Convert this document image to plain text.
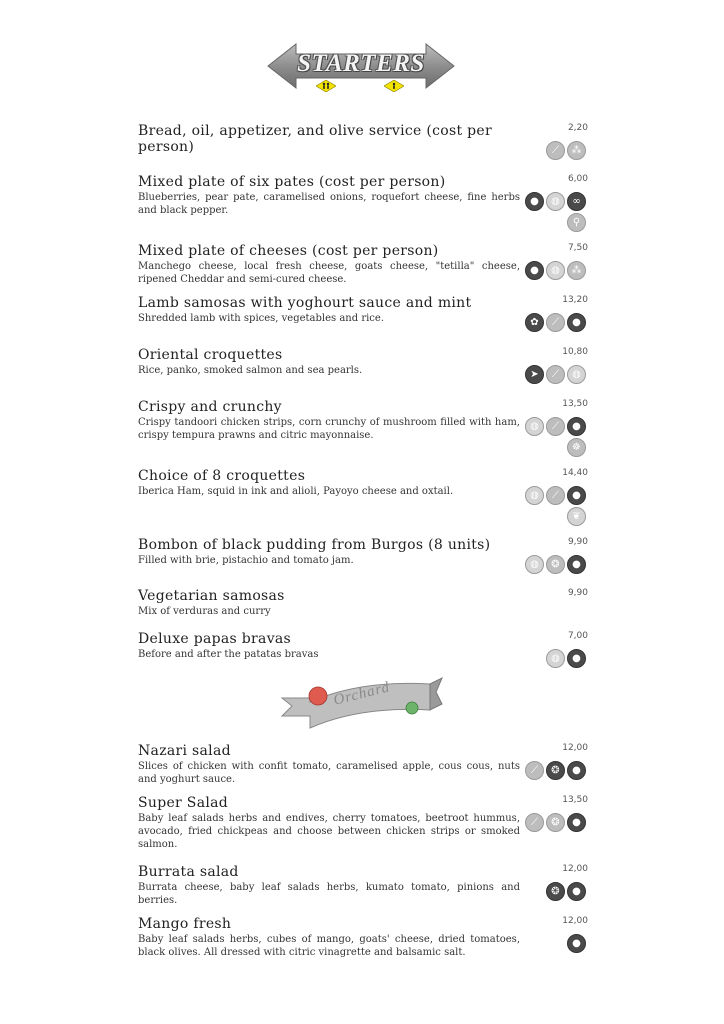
STARTERS
Bread, oil, appetizer, and olive service (cost per person)
2,20
⟋	⁂
Mixed plate of six pates (cost per person)
Blueberries, pear pate, caramelised onions, roquefort cheese, fine herbs and black pepper.
6,00
●	◍	∞
⚲
Mixed plate of cheeses (cost per person)
Manchego cheese, local fresh cheese, goats cheese, "tetilla" cheese, ripened Cheddar and semi-cured cheese.
7,50
●	◍	⁂
Lamb samosas with yoghourt sauce and mint
Shredded lamb with spices, vegetables and rice.
13,20
✿	⟋	●
Oriental croquettes
Rice, panko, smoked salmon and sea pearls.
10,80
➤	⟋	◍
Crispy and crunchy
Crispy tandoori chicken strips, corn crunchy of mushroom filled with ham, crispy tempura prawns and citric mayonnaise.
13,50
◍	⟋	●
☸
Choice of 8 croquettes
Iberica Ham, squid in ink and alioli, Payoyo cheese and oxtail.
14,40
◍	⟋	●
❦
Bombon of black pudding from Burgos (8 units)
Filled with brie, pistachio and tomato jam.
9,90
◍	❂	●
Vegetarian samosas
Mix of verduras and curry
9,90
Deluxe papas bravas
Before and after the patatas bravas
7,00
◍	●
Orchard
Nazari salad
Slices of chicken with confit tomato, caramelised apple, cous cous, nuts and yoghurt sauce.
12,00
⟋	❂	●
Super Salad
Baby leaf salads herbs and endives, cherry tomatoes, beetroot hummus, avocado, fried chickpeas and choose between chicken strips or smoked salmon.
13,50
⟋	❂	●
Burrata salad
Burrata cheese, baby leaf salads herbs, kumato tomato, pinions and berries.
12,00
❂	●
Mango fresh
Baby leaf salads herbs, cubes of mango, goats' cheese, dried tomatoes, black olives. All dressed with citric vinagrette and balsamic salt.
12,00
●
